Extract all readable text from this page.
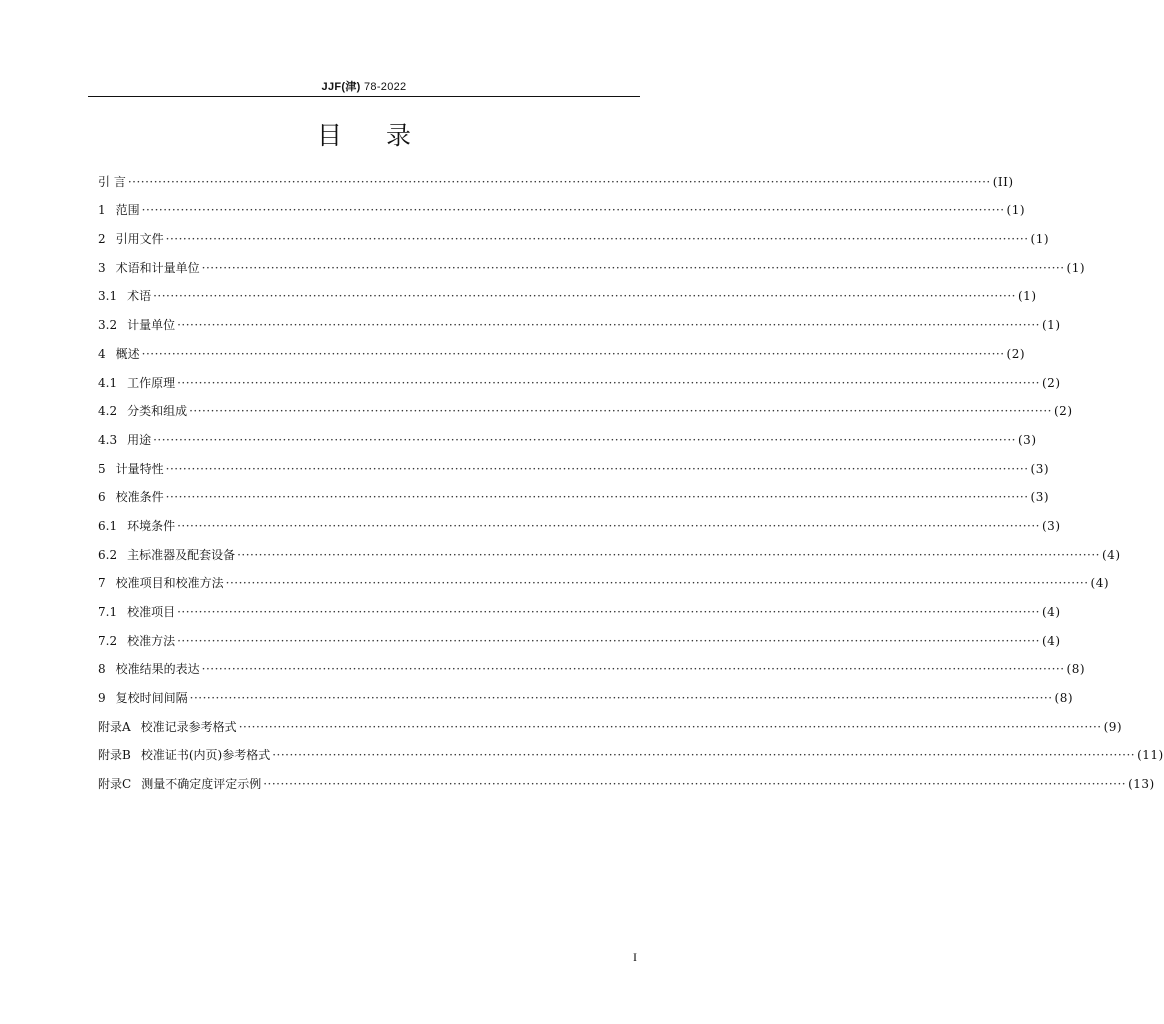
JJF(津) 78-2022
目录
引 言 ········································································································································································································ (II)
1 范围 ········································································································································································································ (1)
2 引用文件 ········································································································································································································ (1)
3 术语和计量单位 ········································································································································································································ (1)
3.1 术语 ········································································································································································································ (1)
3.2 计量单位 ········································································································································································································ (1)
4 概述 ········································································································································································································ (2)
4.1 工作原理 ········································································································································································································ (2)
4.2 分类和组成 ········································································································································································································ (2)
4.3 用途 ········································································································································································································ (3)
5 计量特性 ········································································································································································································ (3)
6 校准条件 ········································································································································································································ (3)
6.1 环境条件 ········································································································································································································ (3)
6.2 主标准器及配套设备 ········································································································································································································ (4)
7 校准项目和校准方法 ········································································································································································································ (4)
7.1 校准项目 ········································································································································································································ (4)
7.2 校准方法 ········································································································································································································ (4)
8 校准结果的表达 ········································································································································································································ (8)
9 复校时间间隔 ········································································································································································································ (8)
附录A 校准记录参考格式 ········································································································································································································ (9)
附录B 校准证书(内页)参考格式 ········································································································································································································ (11)
附录C 测量不确定度评定示例 ········································································································································································································ (13)
I
